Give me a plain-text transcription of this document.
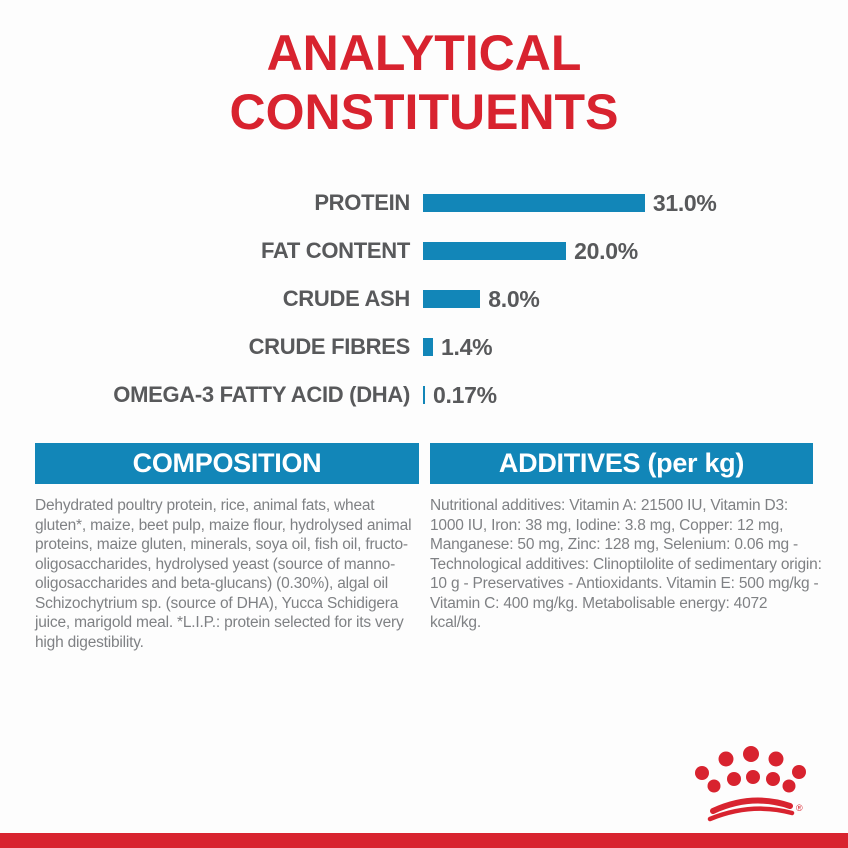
ANALYTICAL
CONSTITUENTS
PROTEIN	31.0%
FAT CONTENT	20.0%
CRUDE ASH	8.0%
CRUDE FIBRES 1.4%
OMEGA-3 FATTY ACID (DHA) 0.17%
COMPOSITION	ADDITIVES (per kg)
Dehydrated poultry protein, rice, animal fats, wheat gluten*, maize, beet pulp, maize flour, hydrolysed animal proteins, maize gluten, minerals, soya oil, fish oil, fructo-oligosaccharides, hydrolysed yeast (source of manno-oligosaccharides and beta-glucans) (0.30%), algal oil Schizochytrium sp. (source of DHA), Yucca Schidigera juice, marigold meal. *L.I.P.: protein selected for its very high digestibility.
Nutritional additives: Vitamin A: 21500 IU, Vitamin D3: 1000 IU, Iron: 38 mg, Iodine: 3.8 mg, Copper: 12 mg, Manganese: 50 mg, Zinc: 128 mg, Selenium: 0.06 mg - Technological additives: Clinoptilolite of sedimentary origin: 10 g - Preservatives - Antioxidants. Vitamin E: 500 mg/kg - Vitamin C: 400 mg/kg. Metabolisable energy: 4072 kcal/kg.
®
